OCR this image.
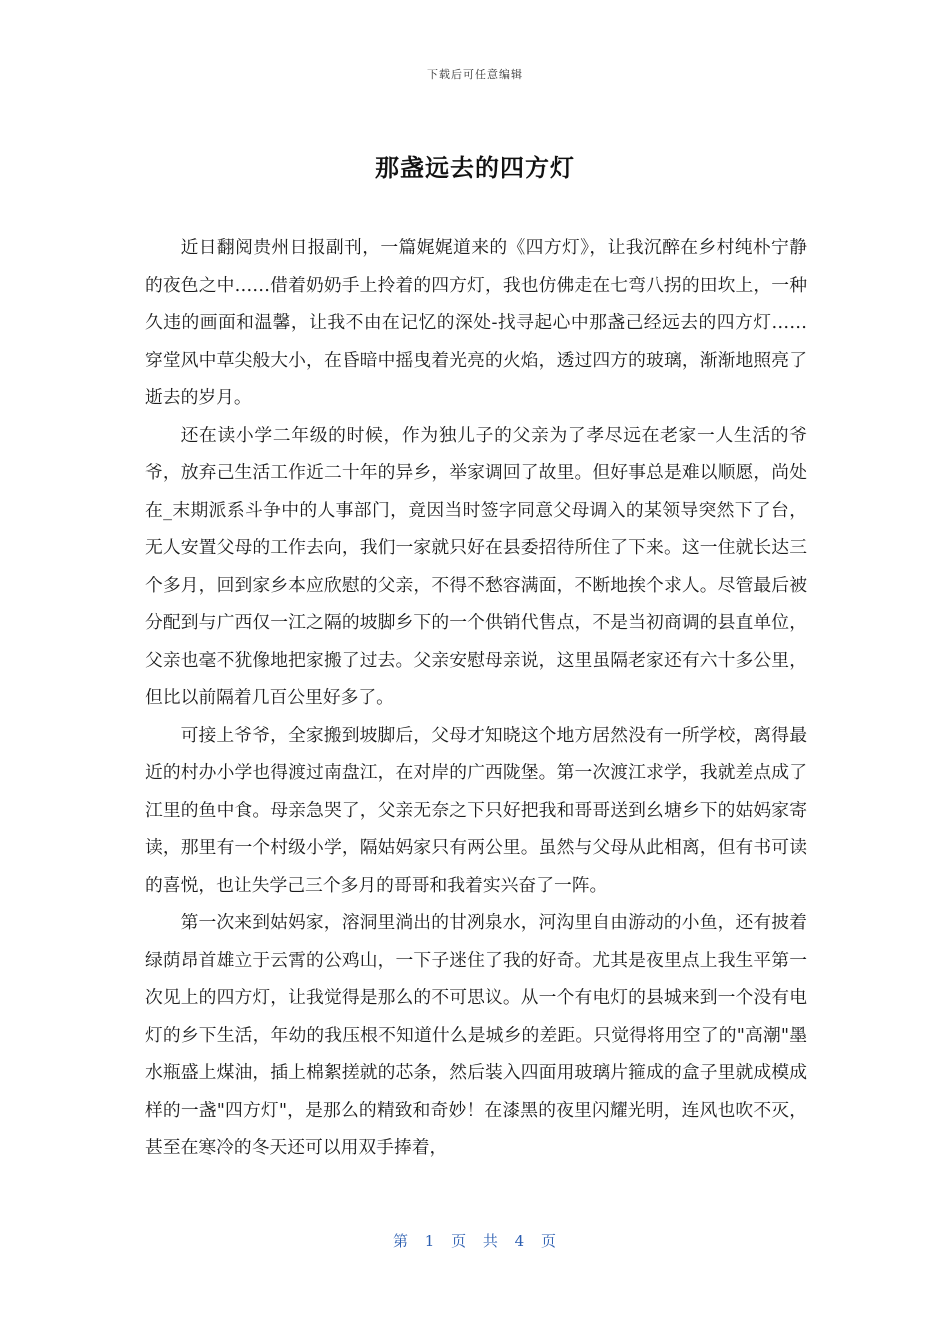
下载后可任意编辑
那盏远去的四方灯

近日翻阅贵州日报副刊，一篇娓娓道来的《四方灯》，让我沉醉在乡村纯朴宁静的夜色之中……借着奶奶手上拎着的四方灯，我也仿佛走在七弯八拐的田坎上，一种久违的画面和温馨，让我不由在记忆的深处-找寻起心中那盏己经远去的四方灯……穿堂风中草尖般大小，在昏暗中摇曳着光亮的火焰，透过四方的玻璃，渐渐地照亮了逝去的岁月。

还在读小学二年级的时候，作为独儿子的父亲为了孝尽远在老家一人生活的爷爷，放弃己生活工作近二十年的异乡，举家调回了故里。但好事总是难以顺愿，尚处在_末期派系斗争中的人事部门，竟因当时签字同意父母调入的某领导突然下了台，无人安置父母的工作去向，我们一家就只好在县委招待所住了下来。这一住就长达三个多月，回到家乡本应欣慰的父亲，不得不愁容满面，不断地挨个求人。尽管最后被分配到与广西仅一江之隔的坡脚乡下的一个供销代售点，不是当初商调的县直单位，父亲也毫不犹像地把家搬了过去。父亲安慰母亲说，这里虽隔老家还有六十多公里，但比以前隔着几百公里好多了。

可接上爷爷，全家搬到坡脚后，父母才知晓这个地方居然没有一所学校，离得最近的村办小学也得渡过南盘江，在对岸的广西陇堡。第一次渡江求学，我就差点成了江里的鱼中食。母亲急哭了，父亲无奈之下只好把我和哥哥送到幺塘乡下的姑妈家寄读，那里有一个村级小学，隔姑妈家只有两公里。虽然与父母从此相离，但有书可读的喜悦，也让失学己三个多月的哥哥和我着实兴奋了一阵。

第一次来到姑妈家，溶洞里淌出的甘冽泉水，河沟里自由游动的小鱼，还有披着绿荫昂首雄立于云霄的公鸡山，一下子迷住了我的好奇。尤其是夜里点上我生平第一次见上的四方灯，让我觉得是那么的不可思议。从一个有电灯的县城来到一个没有电灯的乡下生活，年幼的我压根不知道什么是城乡的差距。只觉得将用空了的"高潮"墨水瓶盛上煤油，插上棉絮搓就的芯条，然后装入四面用玻璃片箍成的盒子里就成模成样的一盏"四方灯"，是那么的精致和奇妙！在漆黑的夜里闪耀光明，连风也吹不灭，甚至在寒冷的冬天还可以用双手捧着，

第 1 页 共 4 页
